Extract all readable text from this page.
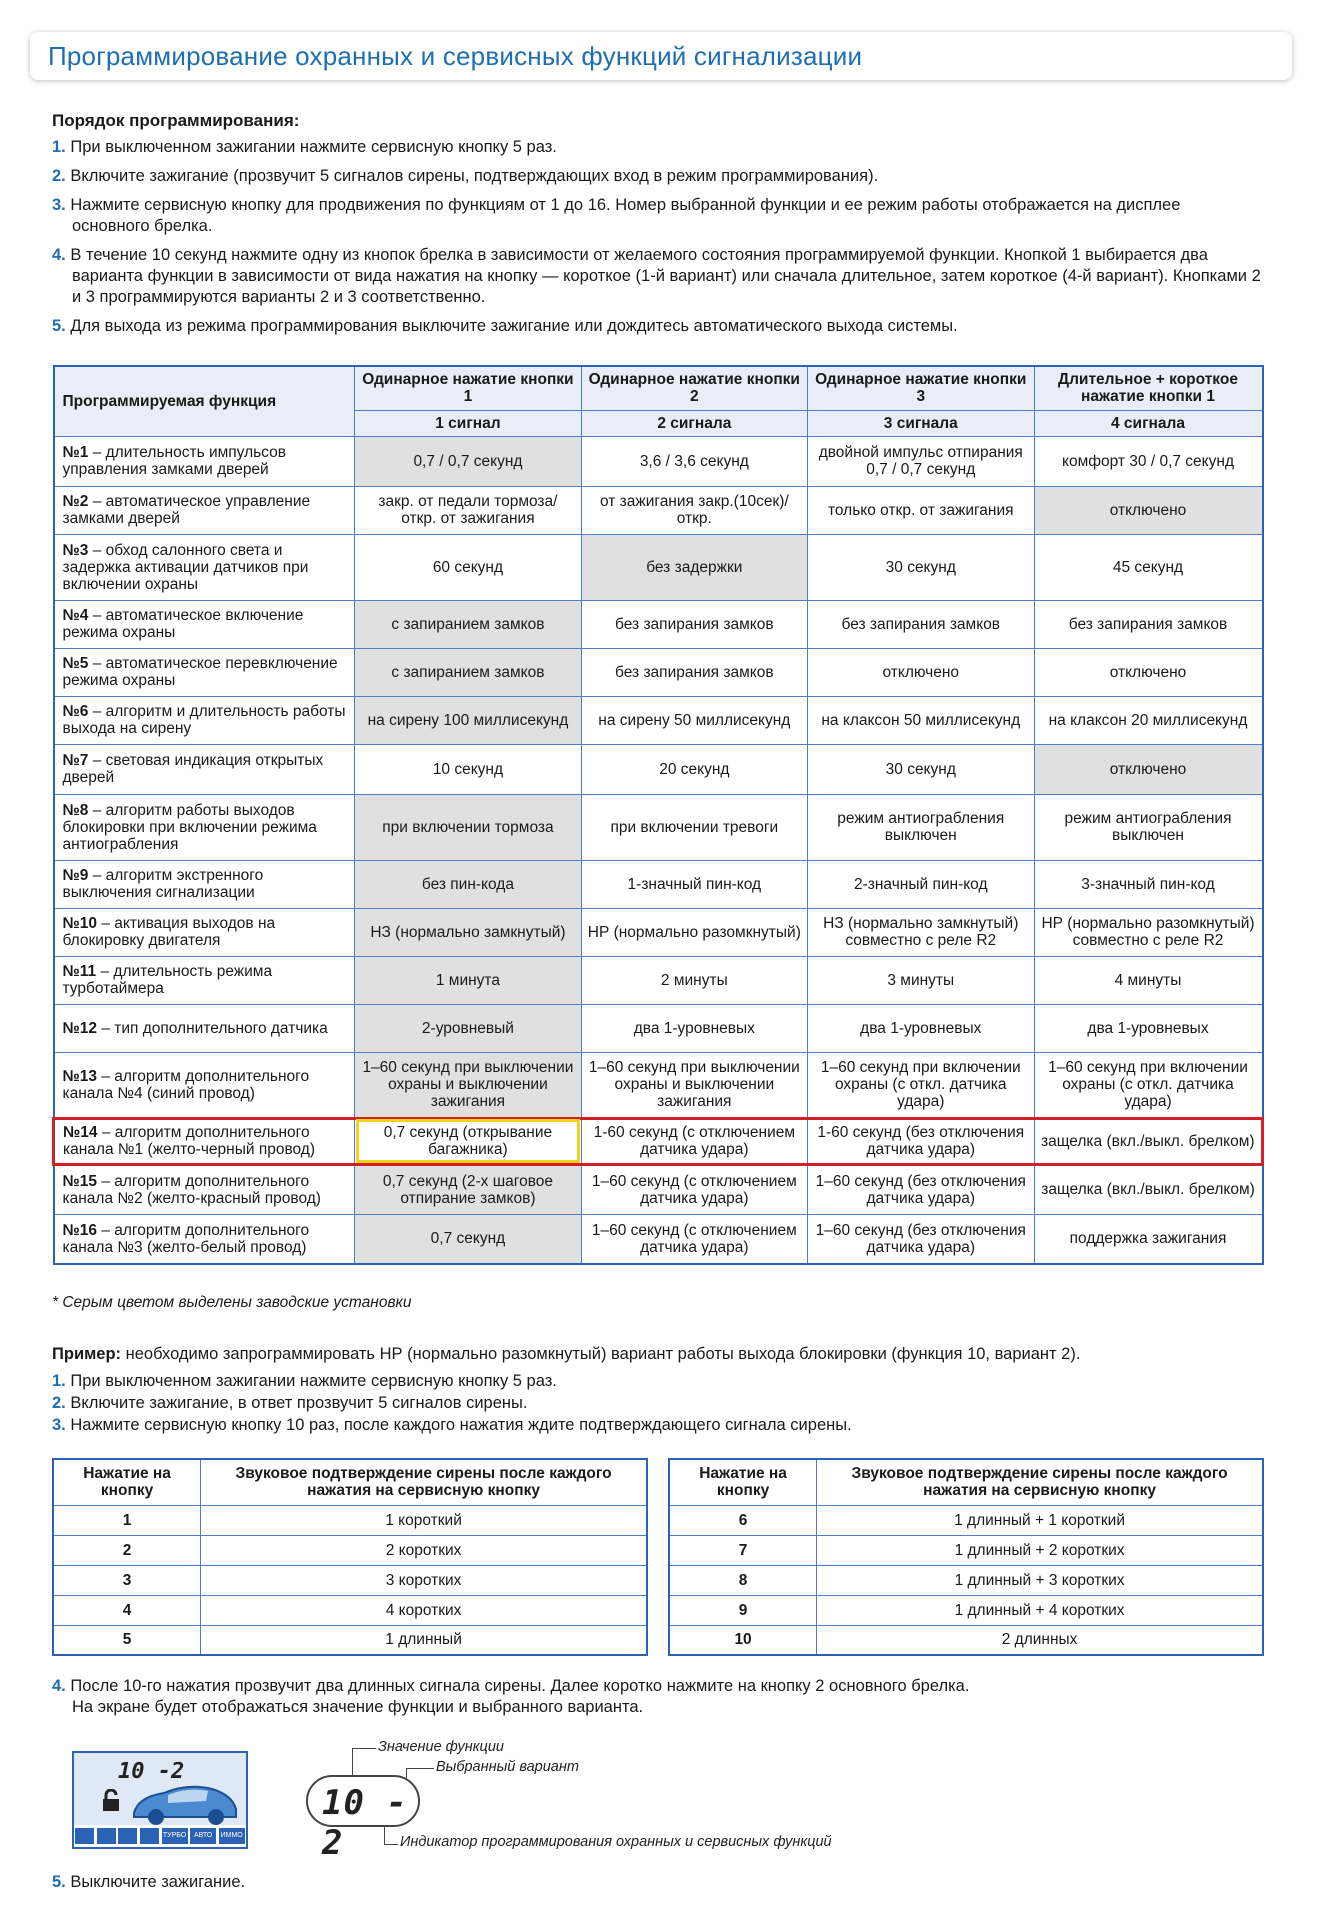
Программирование охранных и сервисных функций сигнализации

Порядок программирования:

1. При выключенном зажигании нажмите сервисную кнопку 5 раз.

2. Включите зажигание (прозвучит 5 сигналов сирены, подтверждающих вход в режим программирования).

3. Нажмите сервисную кнопку для продвижения по функциям от 1 до 16. Номер выбранной функции и ее режим работы отображается на дисплее основного брелка.

4. В течение 10 секунд нажмите одну из кнопок брелка в зависимости от желаемого состояния программируемой функции. Кнопкой 1 выбирается два варианта функции в зависимости от вида нажатия на кнопку — короткое (1-й вариант) или сначала длительное, затем короткое (4-й вариант). Кнопками 2 и 3 программируются варианты 2 и 3 соответственно.

5. Для выхода из режима программирования выключите зажигание или дождитесь автоматического выхода системы.

Программируемая функция	Одинарное нажатие кнопки 1	Одинарное нажатие кнопки 2	Одинарное нажатие кнопки 3	Длительное + короткое нажатие кнопки 1
	1 сигнал	2 сигнала	3 сигнала	4 сигнала
№1 – длительность импульсов управления замками дверей	0,7 / 0,7 секунд	3,6 / 3,6 секунд	двойной импульс отпирания 0,7 / 0,7 секунд	комфорт 30 / 0,7 секунд
№2 – автоматическое управление замками дверей	закр. от педали тормоза/ откр. от зажигания	от зажигания закр.(10сек)/ откр.	только откр. от зажигания	отключено
№3 – обход салонного света и задержка активации датчиков при включении охраны	60 секунд	без задержки	30 секунд	45 секунд
№4 – автоматическое включение режима охраны	с запиранием замков	без запирания замков	без запирания замков	без запирания замков
№5 – автоматическое перевключение режима охраны	с запиранием замков	без запирания замков	отключено	отключено
№6 – алгоритм и длительность работы выхода на сирену	на сирену 100 миллисекунд	на сирену 50 миллисекунд	на клаксон 50 миллисекунд	на клаксон 20 миллисекунд
№7 – световая индикация открытых дверей	10 секунд	20 секунд	30 секунд	отключено
№8 – алгоритм работы выходов блокировки при включении режима антиограбления	при включении тормоза	при включении тревоги	режим антиограбления выключен	режим антиограбления выключен
№9 – алгоритм экстренного выключения сигнализации	без пин-кода	1-значный пин-код	2-значный пин-код	3-значный пин-код
№10 – активация выходов на блокировку двигателя	НЗ (нормально замкнутый)	НР (нормально разомкнутый)	НЗ (нормально замкнутый) совместно с реле R2	НР (нормально разомкнутый) совместно с реле R2
№11 – длительность режима турботаймера	1 минута	2 минуты	3 минуты	4 минуты
№12 – тип дополнительного датчика	2-уровневый	два 1-уровневых	два 1-уровневых	два 1-уровневых
№13 – алгоритм дополнительного канала №4 (синий провод)	1–60 секунд при выключении охраны и выключении зажигания	1–60 секунд при выключении охраны и выключении зажигания	1–60 секунд при включении охраны (с откл. датчика удара)	1–60 секунд при включении охраны (с откл. датчика удара)
№14 – алгоритм дополнительного канала №1 (желто-черный провод)	0,7 секунд (открывание багажника)	1-60 секунд (с отключением датчика удара)	1-60 секунд (без отключения датчика удара)	защелка (вкл./выкл. брелком)
№15 – алгоритм дополнительного канала №2 (желто-красный провод)	0,7 секунд (2-х шаговое отпирание замков)	1–60 секунд (с отключением датчика удара)	1–60 секунд (без отключения датчика удара)	защелка (вкл./выкл. брелком)
№16 – алгоритм дополнительного канала №3 (желто-белый провод)	0,7 секунд	1–60 секунд (с отключением датчика удара)	1–60 секунд (без отключения датчика удара)	поддержка зажигания
* Серым цветом выделены заводские установки

Пример: необходимо запрограммировать НР (нормально разомкнутый) вариант работы выхода блокировки (функция 10, вариант 2).

1. При выключенном зажигании нажмите сервисную кнопку 5 раз.

2. Включите зажигание, в ответ прозвучит 5 сигналов сирены.

3. Нажмите сервисную кнопку 10 раз, после каждого нажатия ждите подтверждающего сигнала сирены.

Нажатие на кнопку	Звуковое подтверждение сирены после каждого нажатия на сервисную кнопку
1	1 короткий
2	2 коротких
3	3 коротких
4	4 коротких
5	1 длинный
Нажатие на кнопку	Звуковое подтверждение сирены после каждого нажатия на сервисную кнопку
6	1 длинный + 1 короткий
7	1 длинный + 2 коротких
8	1 длинный + 3 коротких
9	1 длинный + 4 коротких
10	2 длинных

4. После 10-го нажатия прозвучит два длинных сигнала сирены. Далее коротко нажмите на кнопку 2 основного брелка.
На экране будет отображаться значение функции и выбранного варианта.

10 -2
ТУРБО	АВТО	ИММО
10 - 2
Значение функции
Выбранный вариант
Индикатор программирования охранных и сервисных функций

5. Выключите зажигание.
